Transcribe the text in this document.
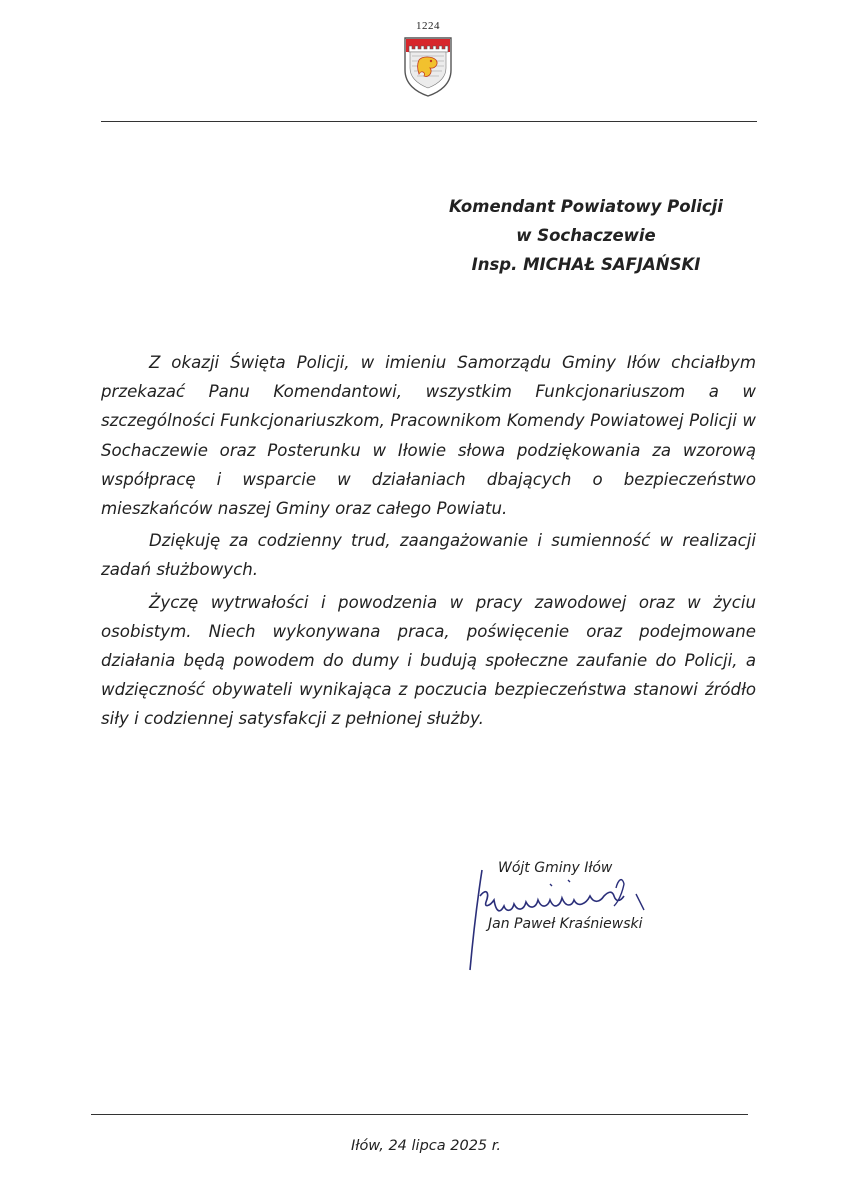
1224
Komendant Powiatowy Policji
w Sochaczewie
Insp. MICHAŁ SAFJAŃSKI

Z okazji Święta Policji, w imieniu Samorządu Gminy Iłów chciałbym przekazać Panu Komendantowi, wszystkim Funkcjonariuszom a w szczególności Funkcjonariuszkom, Pracownikom Komendy Powiatowej Policji w Sochaczewie oraz Posterunku w Iłowie słowa podziękowania za wzorową współpracę i wsparcie w działaniach dbających o bezpieczeństwo mieszkańców naszej Gminy oraz całego Powiatu.

Dziękuję za codzienny trud, zaangażowanie i sumienność w realizacji zadań służbowych.

Życzę wytrwałości i powodzenia w pracy zawodowej oraz w życiu osobistym. Niech wykonywana praca, poświęcenie oraz podejmowane działania będą powodem do dumy i budują społeczne zaufanie do Policji, a wdzięczność obywateli wynikająca z poczucia bezpieczeństwa stanowi źródło siły i codziennej satysfakcji z pełnionej służby.

Wójt Gminy Iłów
Jan Paweł Kraśniewski
Iłów, 24 lipca 2025 r.
